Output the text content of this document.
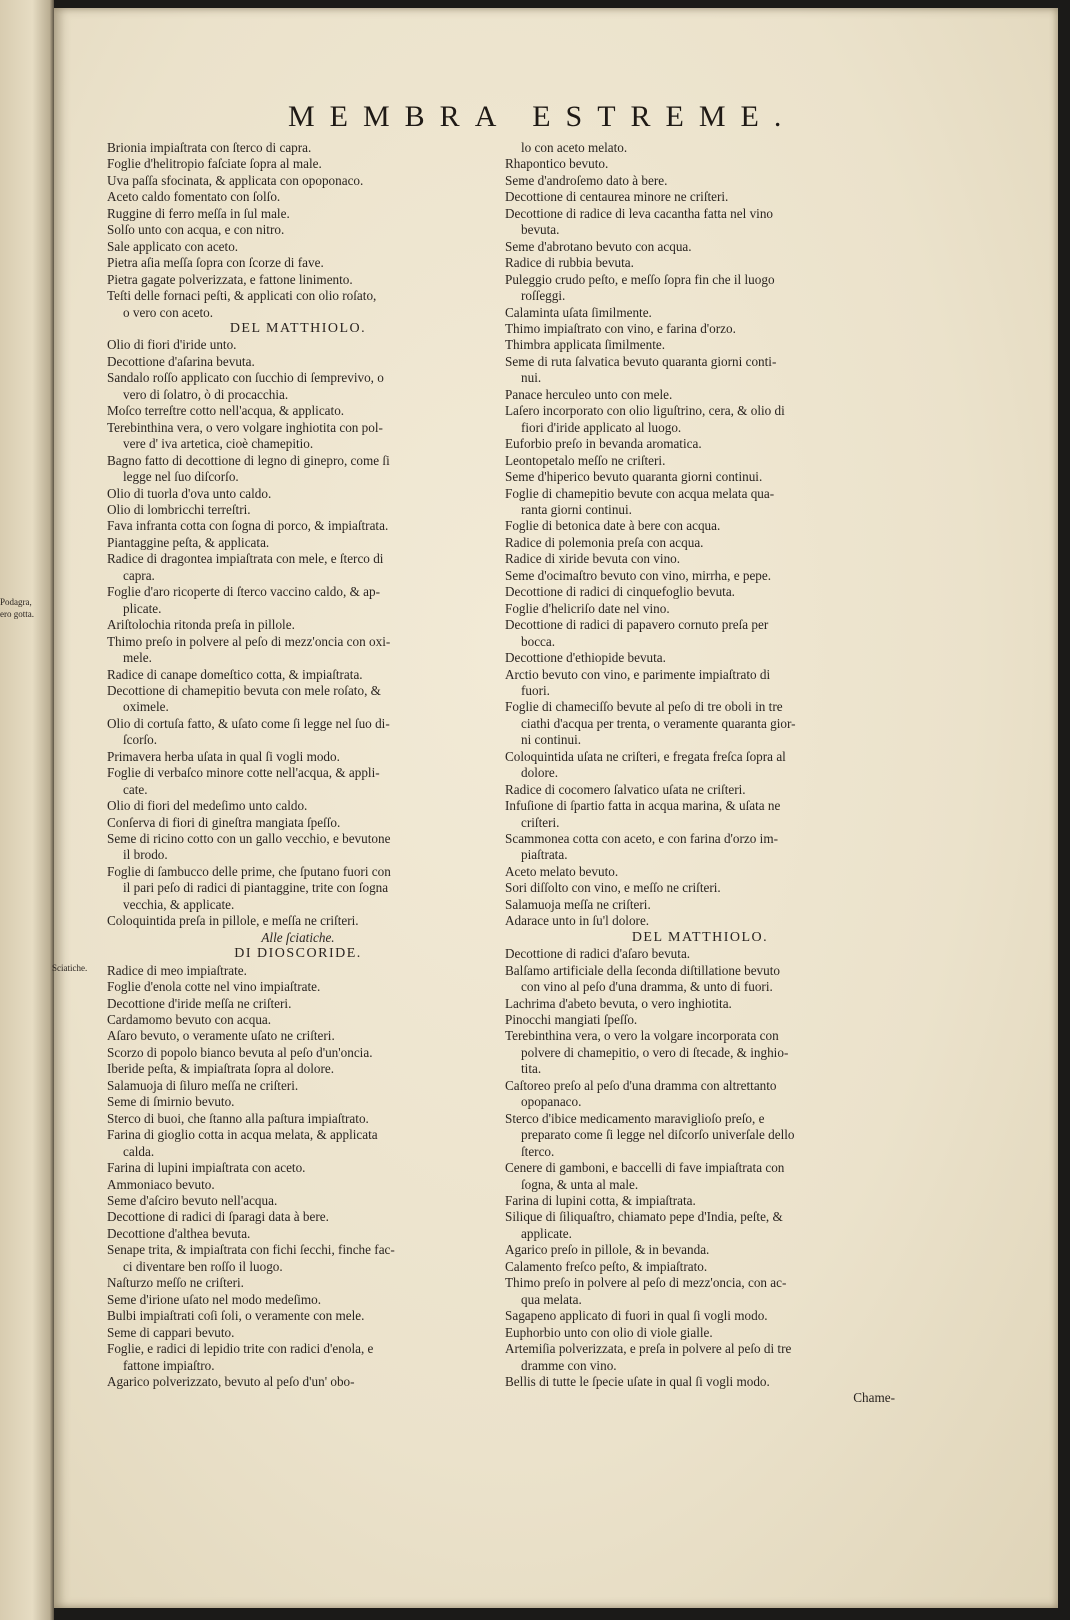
MEMBRA ESTREME.
Podagra,
ero gotta.
Sciatiche.
Brionia impiaſtrata con ſterco di capra.
Foglie d'helitropio faſciate ſopra al male.
Uva paſſa sfocinata, & applicata con opoponaco.
Aceto caldo fomentato con ſolſo.
Ruggine di ferro meſſa in ſul male.
Solſo unto con acqua, e con nitro.
Sale applicato con aceto.
Pietra aſia meſſa ſopra con ſcorze di fave.
Pietra gagate polverizzata, e fattone linimento.
Teſti delle fornaci peſti, & applicati con olio roſato,
o vero con aceto.
DEL MATTHIOLO.
Olio di fiori d'iride unto.
Decottione d'aſarina bevuta.
Sandalo roſſo applicato con ſucchio di ſemprevivo, o
vero di ſolatro, ò di procacchia.
Moſco terreſtre cotto nell'acqua, & applicato.
Terebinthina vera, o vero volgare inghiotita con pol-
vere d' iva artetica, cioè chamepitio.
Bagno fatto di decottione di legno di ginepro, come ſi
legge nel ſuo diſcorſo.
Olio di tuorla d'ova unto caldo.
Olio di lombricchi terreſtri.
Fava infranta cotta con ſogna di porco, & impiaſtrata.
Piantaggine peſta, & applicata.
Radice di dragontea impiaſtrata con mele, e ſterco di
capra.
Foglie d'aro ricoperte di ſterco vaccino caldo, & ap-
plicate.
Ariſtolochia ritonda preſa in pillole.
Thimo preſo in polvere al peſo di mezz'oncia con oxi-
mele.
Radice di canape domeſtico cotta, & impiaſtrata.
Decottione di chamepitio bevuta con mele roſato, &
oximele.
Olio di cortuſa fatto, & uſato come ſi legge nel ſuo di-
ſcorſo.
Primavera herba uſata in qual ſi vogli modo.
Foglie di verbaſco minore cotte nell'acqua, & appli-
cate.
Olio di fiori del medeſimo unto caldo.
Conſerva di fiori di gineſtra mangiata ſpeſſo.
Seme di ricino cotto con un gallo vecchio, e bevutone
il brodo.
Foglie di ſambucco delle prime, che ſputano fuori con
il pari peſo di radici di piantaggine, trite con ſogna
vecchia, & applicate.
Coloquintida preſa in pillole, e meſſa ne criſteri.
Alle ſciatiche.
DI DIOSCORIDE.
Radice di meo impiaſtrate.
Foglie d'enola cotte nel vino impiaſtrate.
Decottione d'iride meſſa ne criſteri.
Cardamomo bevuto con acqua.
Aſaro bevuto, o veramente uſato ne criſteri.
Scorzo di popolo bianco bevuta al peſo d'un'oncia.
Iberide peſta, & impiaſtrata ſopra al dolore.
Salamuoja di ſiluro meſſa ne criſteri.
Seme di ſmirnio bevuto.
Sterco di buoi, che ſtanno alla paſtura impiaſtrato.
Farina di gioglio cotta in acqua melata, & applicata
calda.
Farina di lupini impiaſtrata con aceto.
Ammoniaco bevuto.
Seme d'aſciro bevuto nell'acqua.
Decottione di radici di ſparagi data à bere.
Decottione d'althea bevuta.
Senape trita, & impiaſtrata con fichi ſecchi, finche fac-
ci diventare ben roſſo il luogo.
Naſturzo meſſo ne criſteri.
Seme d'irione uſato nel modo medeſimo.
Bulbi impiaſtrati coſi ſoli, o veramente con mele.
Seme di cappari bevuto.
Foglie, e radici di lepidio trite con radici d'enola, e
fattone impiaſtro.
Agarico polverizzato, bevuto al peſo d'un' obo-
lo con aceto melato.
Rhapontico bevuto.
Seme d'androſemo dato à bere.
Decottione di centaurea minore ne criſteri.
Decottione di radice di leva cacantha fatta nel vino
bevuta.
Seme d'abrotano bevuto con acqua.
Radice di rubbia bevuta.
Puleggio crudo peſto, e meſſo ſopra fin che il luogo
roſſeggi.
Calaminta uſata ſimilmente.
Thimo impiaſtrato con vino, e farina d'orzo.
Thimbra applicata ſimilmente.
Seme di ruta ſalvatica bevuto quaranta giorni conti-
nui.
Panace herculeo unto con mele.
Laſero incorporato con olio liguſtrino, cera, & olio di
fiori d'iride applicato al luogo.
Euforbio preſo in bevanda aromatica.
Leontopetalo meſſo ne criſteri.
Seme d'hiperico bevuto quaranta giorni continui.
Foglie di chamepitio bevute con acqua melata qua-
ranta giorni continui.
Foglie di betonica date à bere con acqua.
Radice di polemonia preſa con acqua.
Radice di xiride bevuta con vino.
Seme d'ocimaſtro bevuto con vino, mirrha, e pepe.
Decottione di radici di cinquefoglio bevuta.
Foglie d'helicriſo date nel vino.
Decottione di radici di papavero cornuto preſa per
bocca.
Decottione d'ethiopide bevuta.
Arctio bevuto con vino, e parimente impiaſtrato di
fuori.
Foglie di chameciſſo bevute al peſo di tre oboli in tre
ciathi d'acqua per trenta, o veramente quaranta gior-
ni continui.
Coloquintida uſata ne criſteri, e fregata freſca ſopra al
dolore.
Radice di cocomero ſalvatico uſata ne criſteri.
Infuſione di ſpartio fatta in acqua marina, & uſata ne
criſteri.
Scammonea cotta con aceto, e con farina d'orzo im-
piaſtrata.
Aceto melato bevuto.
Sori diſſolto con vino, e meſſo ne criſteri.
Salamuoja meſſa ne criſteri.
Adarace unto in ſu'l dolore.
DEL MATTHIOLO.
Decottione di radici d'aſaro bevuta.
Balſamo artificiale della ſeconda diſtillatione bevuto
con vino al peſo d'una dramma, & unto di fuori.
Lachrima d'abeto bevuta, o vero inghiotita.
Pinocchi mangiati ſpeſſo.
Terebinthina vera, o vero la volgare incorporata con
polvere di chamepitio, o vero di ſtecade, & inghio-
tita.
Caſtoreo preſo al peſo d'una dramma con altrettanto
opopanaco.
Sterco d'ibice medicamento maraviglioſo preſo, e
preparato come ſi legge nel diſcorſo univerſale dello
ſterco.
Cenere di gamboni, e baccelli di fave impiaſtrata con
ſogna, & unta al male.
Farina di lupini cotta, & impiaſtrata.
Silique di ſiliquaſtro, chiamato pepe d'India, peſte, &
applicate.
Agarico preſo in pillole, & in bevanda.
Calamento freſco peſto, & impiaſtrato.
Thimo preſo in polvere al peſo di mezz'oncia, con ac-
qua melata.
Sagapeno applicato di fuori in qual ſi vogli modo.
Euphorbio unto con olio di viole gialle.
Artemiſia polverizzata, e preſa in polvere al peſo di tre
dramme con vino.
Bellis di tutte le ſpecie uſate in qual ſi vogli modo.
Chame-
